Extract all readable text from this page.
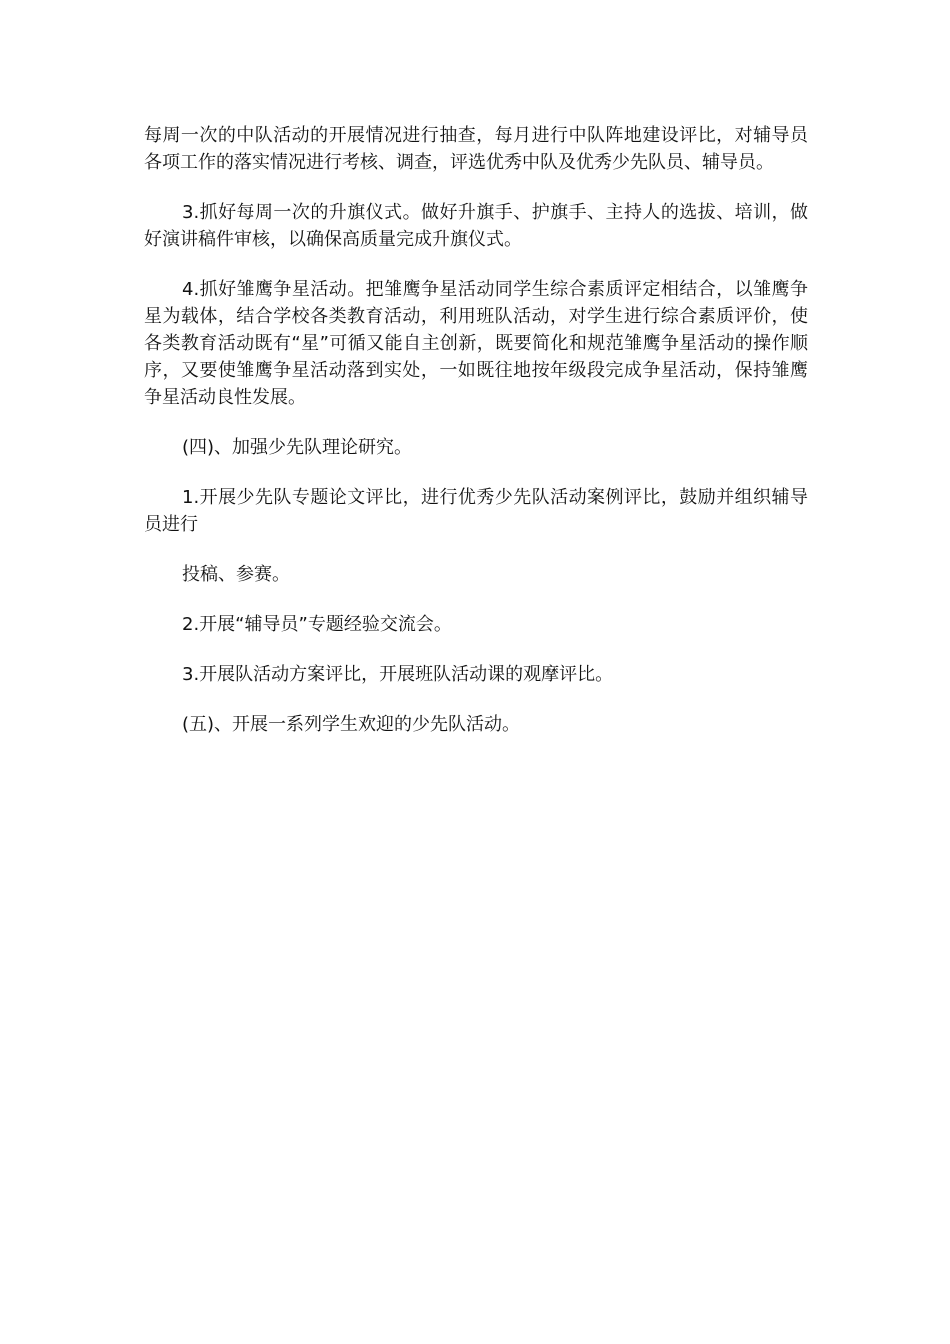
每周一次的中队活动的开展情况进行抽查，每月进行中队阵地建设评比，对辅导员各项工作的落实情况进行考核、调查，评选优秀中队及优秀少先队员、辅导员。

3.抓好每周一次的升旗仪式。做好升旗手、护旗手、主持人的选拔、培训，做好演讲稿件审核，以确保高质量完成升旗仪式。

4.抓好雏鹰争星活动。把雏鹰争星活动同学生综合素质评定相结合，以雏鹰争星为载体，结合学校各类教育活动，利用班队活动，对学生进行综合素质评价，使各类教育活动既有“星”可循又能自主创新，既要简化和规范雏鹰争星活动的操作顺序，又要使雏鹰争星活动落到实处，一如既往地按年级段完成争星活动，保持雏鹰争星活动良性发展。

(四)、加强少先队理论研究。

1.开展少先队专题论文评比，进行优秀少先队活动案例评比，鼓励并组织辅导员进行

投稿、参赛。

2.开展“辅导员”专题经验交流会。

3.开展队活动方案评比，开展班队活动课的观摩评比。

(五)、开展一系列学生欢迎的少先队活动。
